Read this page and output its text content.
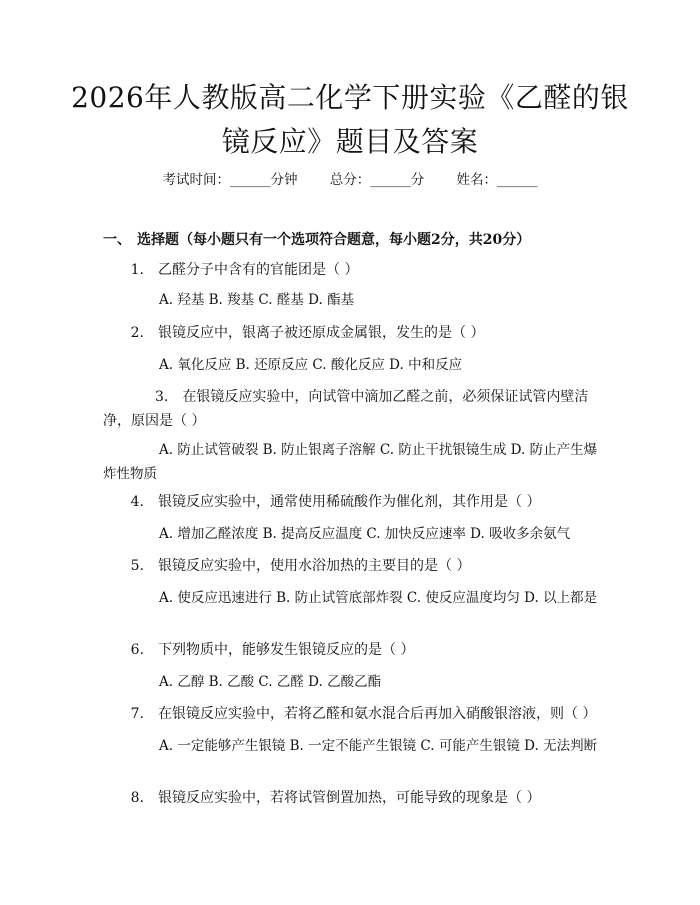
2026年人教版高二化学下册实验《乙醛的银镜反应》题目及答案
考试时间：______分钟 总分：______分 姓名：______
一、 选择题（每小题只有一个选项符合题意，每小题2分，共20分）
1. 乙醛分子中含有的官能团是（ ）
A. 羟基 B. 羧基 C. 醛基 D. 酯基
2. 银镜反应中，银离子被还原成金属银，发生的是（ ）
A. 氧化反应 B. 还原反应 C. 酸化反应 D. 中和反应
3. 在银镜反应实验中，向试管中滴加乙醛之前，必须保证试管内壁洁净，原因是（ ）
A. 防止试管破裂 B. 防止银离子溶解 C. 防止干扰银镜生成 D. 防止产生爆炸性物质
4. 银镜反应实验中，通常使用稀硫酸作为催化剂，其作用是（ ）
A. 增加乙醛浓度 B. 提高反应温度 C. 加快反应速率 D. 吸收多余氨气
5. 银镜反应实验中，使用水浴加热的主要目的是（ ）
A. 使反应迅速进行 B. 防止试管底部炸裂 C. 使反应温度均匀 D. 以上都是
6. 下列物质中，能够发生银镜反应的是（ ）
A. 乙醇 B. 乙酸 C. 乙醛 D. 乙酸乙酯
7. 在银镜反应实验中，若将乙醛和氨水混合后再加入硝酸银溶液，则（ ）
A. 一定能够产生银镜 B. 一定不能产生银镜 C. 可能产生银镜 D. 无法判断
8. 银镜反应实验中，若将试管倒置加热，可能导致的现象是（ ）
